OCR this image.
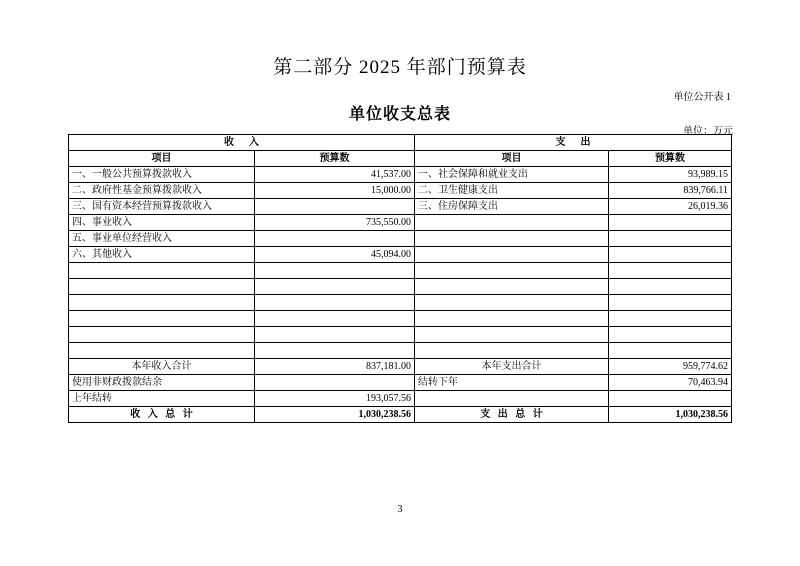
第二部分 2025 年部门预算表
单位公开表 1
单位收支总表
单位：万元
收      入		支      出	
项目	预算数	项目	预算数
一、一般公共预算拨款收入	41,537.00	一、社会保障和就业支出	93,989.15
二、政府性基金预算拨款收入	15,000.00	二、卫生健康支出	839,766.11
三、国有资本经营预算拨款收入		三、住房保障支出	26,019.36
四、事业收入	735,550.00		
五、事业单位经营收入			
六、其他收入	45,094.00		

本年收入合计	837,181.00	本年支出合计	959,774.62
使用非财政拨款结余		结转下年	70,463.94
上年结转	193,057.56		
收   入   总   计	1,030,238.56	支   出   总   计	1,030,238.56
3
